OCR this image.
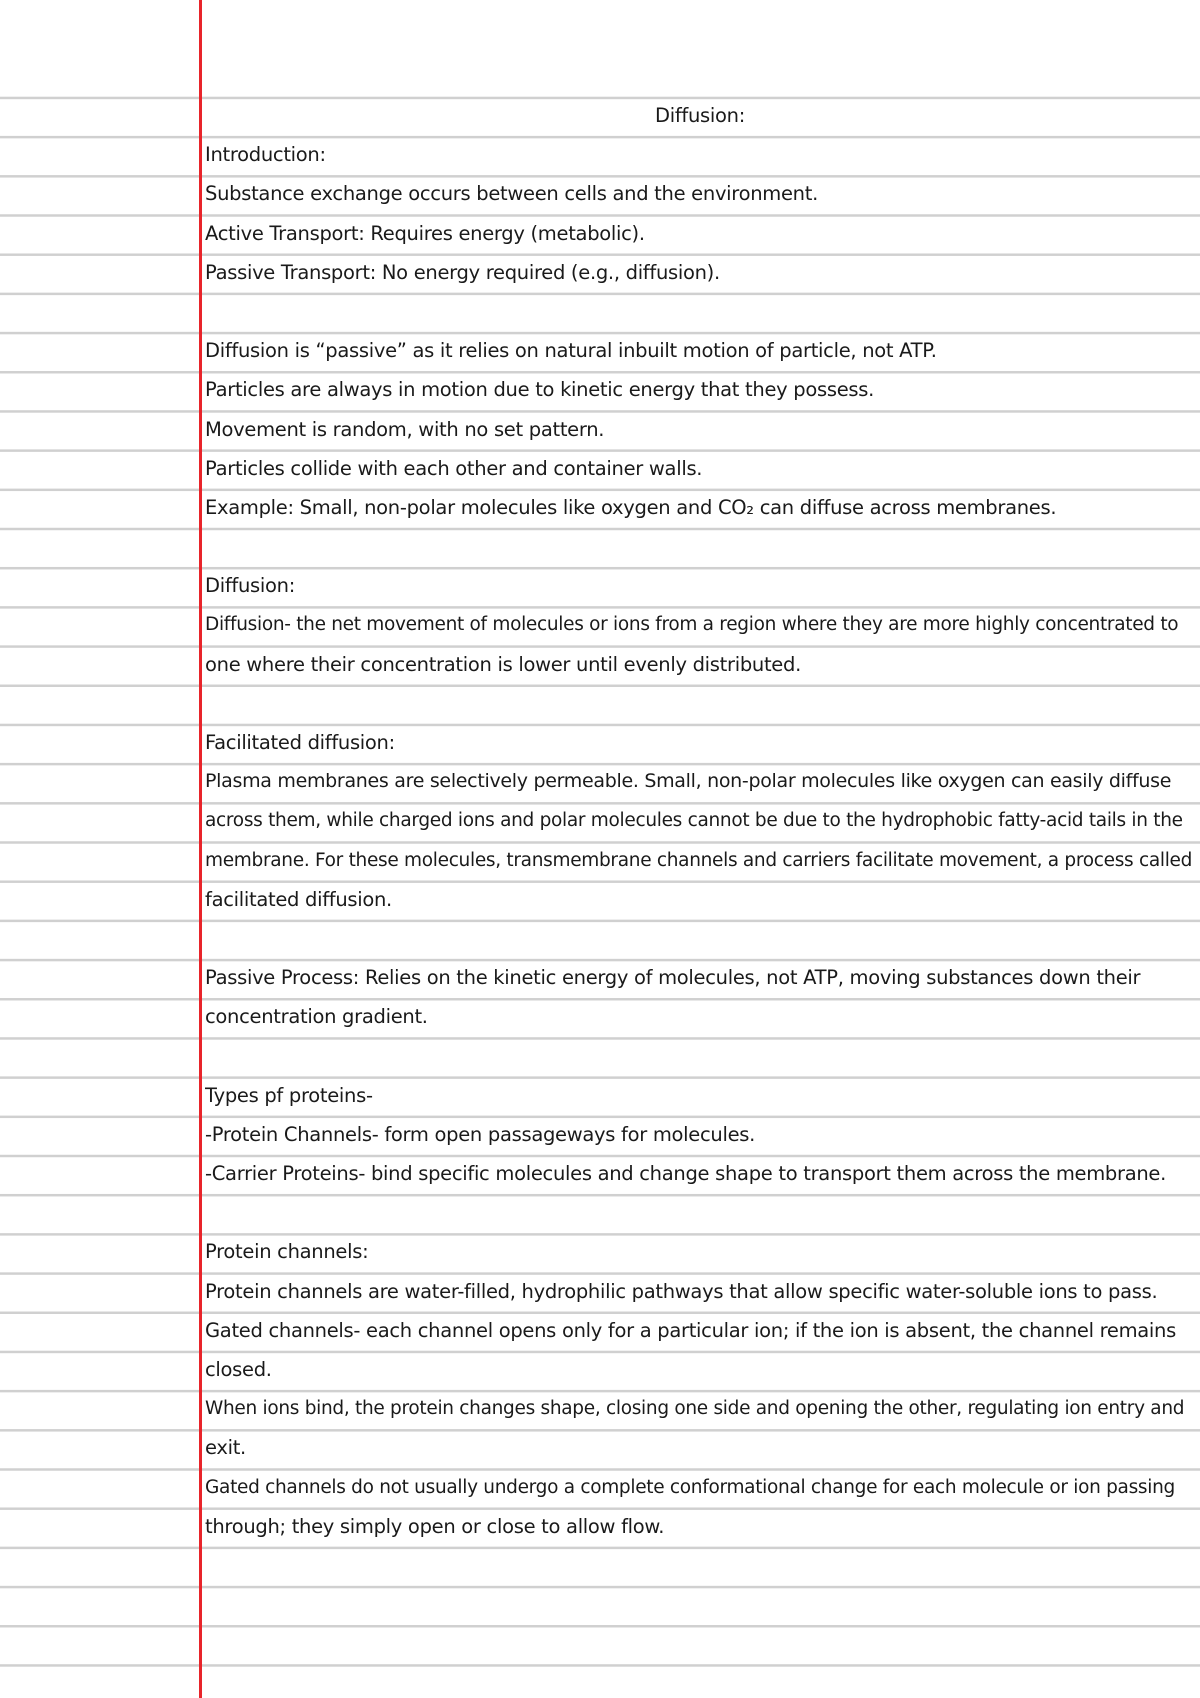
Diffusion:
Introduction:
Substance exchange occurs between cells and the environment.
Active Transport: Requires energy (metabolic).
Passive Transport: No energy required (e.g., diffusion).
Diffusion is “passive” as it relies on natural inbuilt motion of particle, not ATP.
Particles are always in motion due to kinetic energy that they possess.
Movement is random, with no set pattern.
Particles collide with each other and container walls.
Example: Small, non-polar molecules like oxygen and CO₂ can diffuse across membranes.
Diffusion:
Diffusion- the net movement of molecules or ions from a region where they are more highly concentrated to
one where their concentration is lower until evenly distributed.
Facilitated diffusion:
Plasma membranes are selectively permeable. Small, non-polar molecules like oxygen can easily diffuse
across them, while charged ions and polar molecules cannot be due to the hydrophobic fatty-acid tails in the
membrane. For these molecules, transmembrane channels and carriers facilitate movement, a process called
facilitated diffusion.
Passive Process: Relies on the kinetic energy of molecules, not ATP, moving substances down their
concentration gradient.
Types pf proteins-
-Protein Channels- form open passageways for molecules.
-Carrier Proteins- bind specific molecules and change shape to transport them across the membrane.
Protein channels:
Protein channels are water-filled, hydrophilic pathways that allow specific water-soluble ions to pass.
Gated channels- each channel opens only for a particular ion; if the ion is absent, the channel remains
closed.
When ions bind, the protein changes shape, closing one side and opening the other, regulating ion entry and
exit.
Gated channels do not usually undergo a complete conformational change for each molecule or ion passing
through; they simply open or close to allow flow.
